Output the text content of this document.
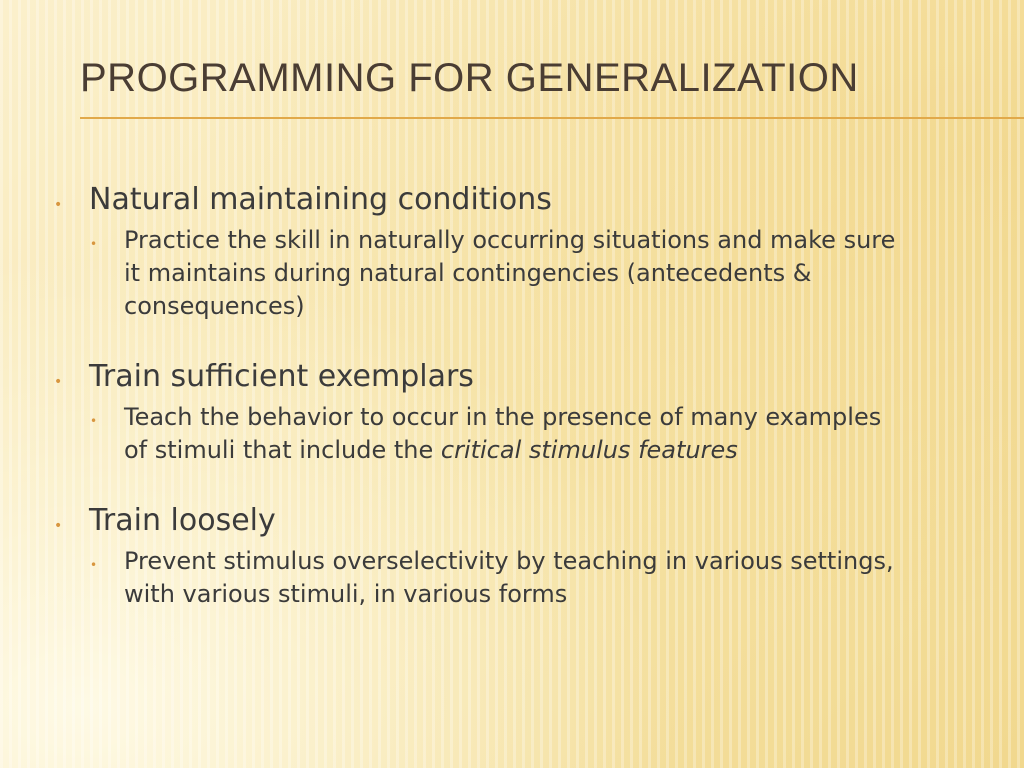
PROGRAMMING FOR GENERALIZATION
• Natural maintaining conditions
•	Practice the skill in naturally occurring situations and make sure it maintains during natural contingencies (antecedents & consequences)
• Train sufficient exemplars
•	Teach the behavior to occur in the presence of many examples of stimuli that include the critical stimulus features
• Train loosely
•	Prevent stimulus overselectivity by teaching in various settings, with various stimuli, in various forms
